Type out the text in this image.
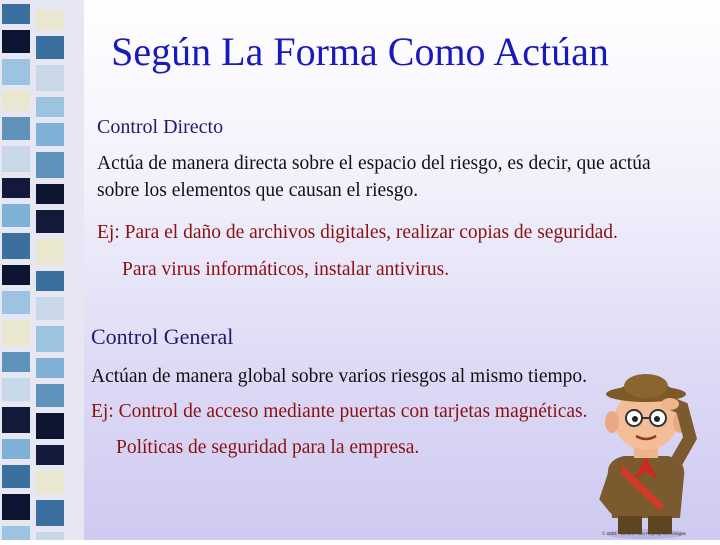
Según La Forma Como Actúan
Control Directo
Actúa de manera directa sobre el espacio del riesgo, es decir, que actúa
sobre los elementos que causan el riesgo.
Ej: Para el daño de archivos digitales, realizar copias de seguridad.
Para virus informáticos, instalar antivirus.
Control General
Actúan de manera global sobre varios riesgos al mismo tiempo.
Ej: Control de acceso mediante puertas con tarjetas magnéticas.
Políticas de seguridad para la empresa.
© 2004 - LifeartPhoto Royalty free images
